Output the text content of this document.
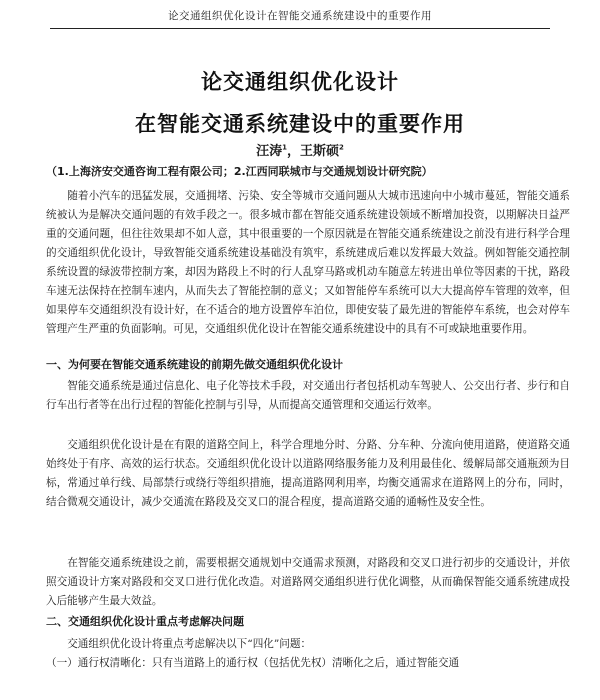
论交通组织优化设计在智能交通系统建设中的重要作用
论交通组织优化设计
在智能交通系统建设中的重要作用
汪涛$^1$，王斯硕$^2$
（1.上海济安交通咨询工程有限公司；2.江西同联城市与交通规划设计研究院）

随着小汽车的迅猛发展，交通拥堵、污染、安全等城市交通问题从大城市迅速向中小城市蔓延，智能交通系统被认为是解决交通问题的有效手段之一。很多城市都在智能交通系统建设领域不断增加投资，以期解决日益严重的交通问题，但往往效果却不如人意，其中很重要的一个原因就是在智能交通系统建设之前没有进行科学合理的交通组织优化设计，导致智能交通系统建设基础没有筑牢，系统建成后难以发挥最大效益。例如智能交通控制系统设置的绿波带控制方案，却因为路段上不时的行人乱穿马路或机动车随意左转进出单位等因素的干扰，路段车速无法保持在控制车速内，从而失去了智能控制的意义；又如智能停车系统可以大大提高停车管理的效率，但如果停车交通组织没有设计好，在不适合的地方设置停车泊位，即使安装了最先进的智能停车系统，也会对停车管理产生严重的负面影响。可见，交通组织优化设计在智能交通系统建设中的具有不可或缺地重要作用。

一、为何要在智能交通系统建设的前期先做交通组织优化设计

智能交通系统是通过信息化、电子化等技术手段，对交通出行者包括机动车驾驶人、公交出行者、步行和自行车出行者等在出行过程的智能化控制与引导，从而提高交通管理和交通运行效率。

交通组织优化设计是在有限的道路空间上，科学合理地分时、分路、分车种、分流向使用道路，使道路交通始终处于有序、高效的运行状态。交通组织优化设计以道路网络服务能力及利用最佳化、缓解局部交通瓶颈为目标，常通过单行线、局部禁行或绕行等组织措施，提高道路网利用率，均衡交通需求在道路网上的分布，同时，结合微观交通设计，减少交通流在路段及交叉口的混合程度，提高道路交通的通畅性及安全性。

在智能交通系统建设之前，需要根据交通规划中交通需求预测，对路段和交叉口进行初步的交通设计，并依照交通设计方案对路段和交叉口进行优化改造。对道路网交通组织进行优化调整，从而确保智能交通系统建成投入后能够产生最大效益。

二、交通组织优化设计重点考虑解决问题

交通组织优化设计将重点考虑解决以下“四化”问题：

（一）通行权清晰化：只有当道路上的通行权（包括优先权）清晰化之后，通过智能交通
